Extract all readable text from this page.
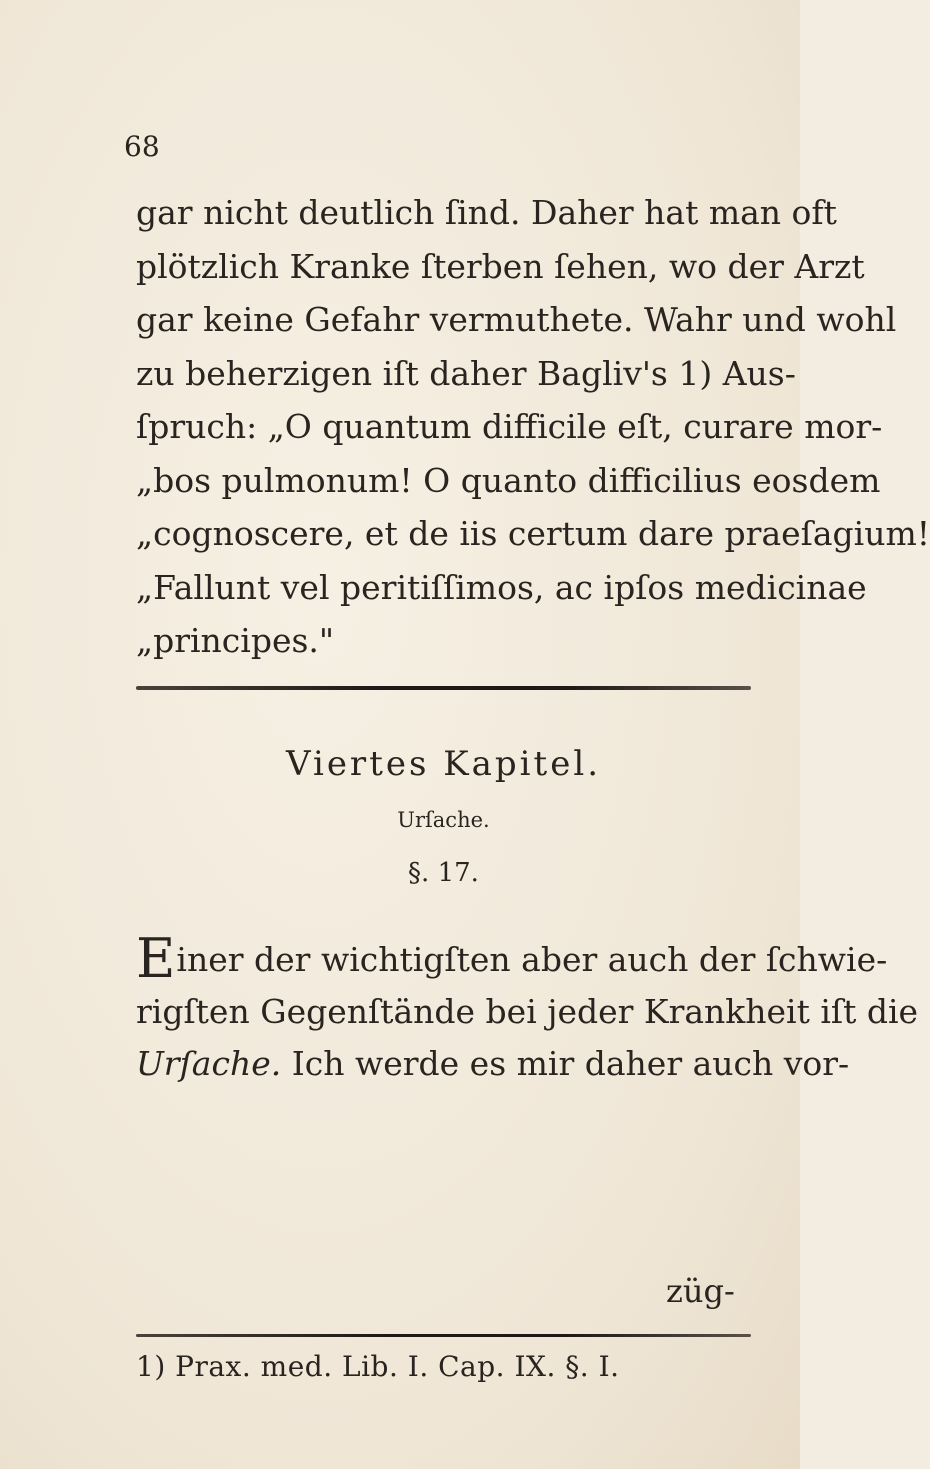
68
gar nicht deutlich ſind. Daher hat man oft
plötzlich Kranke ſterben ſehen, wo der Arzt
gar keine Gefahr vermuthete. Wahr und wohl
zu beherzigen iſt daher Bagliv's 1) Aus-
ſpruch: „O quantum difficile eſt, curare mor-
„bos pulmonum! O quanto difficilius eosdem
„cognoscere, et de iis certum dare praeſagium!
„Fallunt vel peritiſſimos, ac ipſos medicinae
„principes."
Viertes Kapitel.
Urſache.
§. 17.
Einer der wichtigſten aber auch der ſchwie-
rigſten Gegenſtände bei jeder Krankheit iſt die
Urſache. Ich werde es mir daher auch vor-
züg-
1) Prax. med. Lib. I. Cap. IX. §. I.
